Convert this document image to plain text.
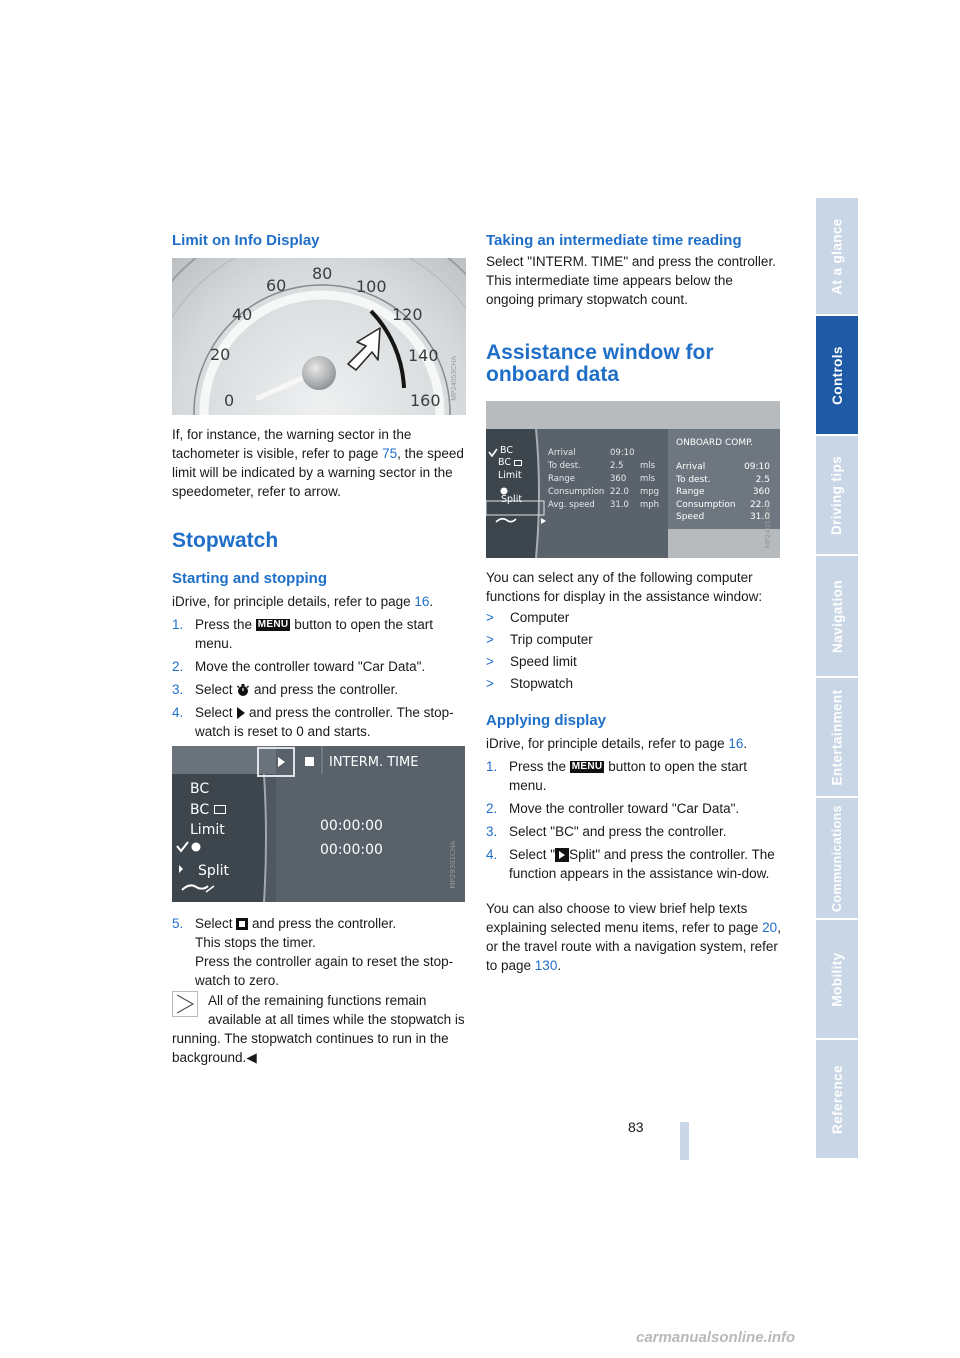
At a glance
Controls
Driving tips
Navigation
Entertainment
Communications
Mobility
Reference
83
Limit on Info Display
0
20
40
60
80
100
120
140
160	MP24053CHA
If, for instance, the warning sector in the tachometer is visible, refer to page 75, the speed limit will be indicated by a warning sector in the speedometer, refer to arrow.
Stopwatch
Starting and stopping
iDrive, for principle details, refer to page 16.
1. Press the MENU button to open the start menu.
2. Move the controller toward "Car Data".
3. Select  and press the controller.
4. Select  and press the controller. The stop-watch is reset to 0 and starts.
INTERM. TIME
BC
BC
Limit
Split
00:00:00
00:00:00	MP29301CHA
5. Select
and press the controller.
This stops the timer.
Press the controller again to reset the stop-watch to zero.
All of the remaining functions remain available at all times while the stopwatch is running. The stopwatch continues to run in the background.◀
Taking an intermediate time reading
Select "INTERM. TIME" and press the controller. This intermediate time appears below the ongoing primary stopwatch count.
Assistance window for
onboard data
BC
BC
Limit
Split
Arrival	09:10
To dest.	2.5	mls
Range	360	mls
Consumption 22.0	mpg
Avg. speed	31.0	mph
ONBOARD COMP.
Arrival	09:10
To dest.	2.5
Range	360
Consumption 22.0
Speed	31.0
MP24053CHA
You can select any of the following computer functions for display in the assistance window:
>	Computer
>	Trip computer
>	Speed limit
>	Stopwatch
Applying display
iDrive, for principle details, refer to page 16.
1. Press the MENU button to open the start menu.
2. Move the controller toward "Car Data".
3. Select "BC" and press the controller.
4. Select " Split" and press the controller. The function appears in the assistance win-dow.
You can also choose to view brief help texts explaining selected menu items, refer to page 20, or the travel route with a navigation system, refer to page 130.
carmanualsonline.info
